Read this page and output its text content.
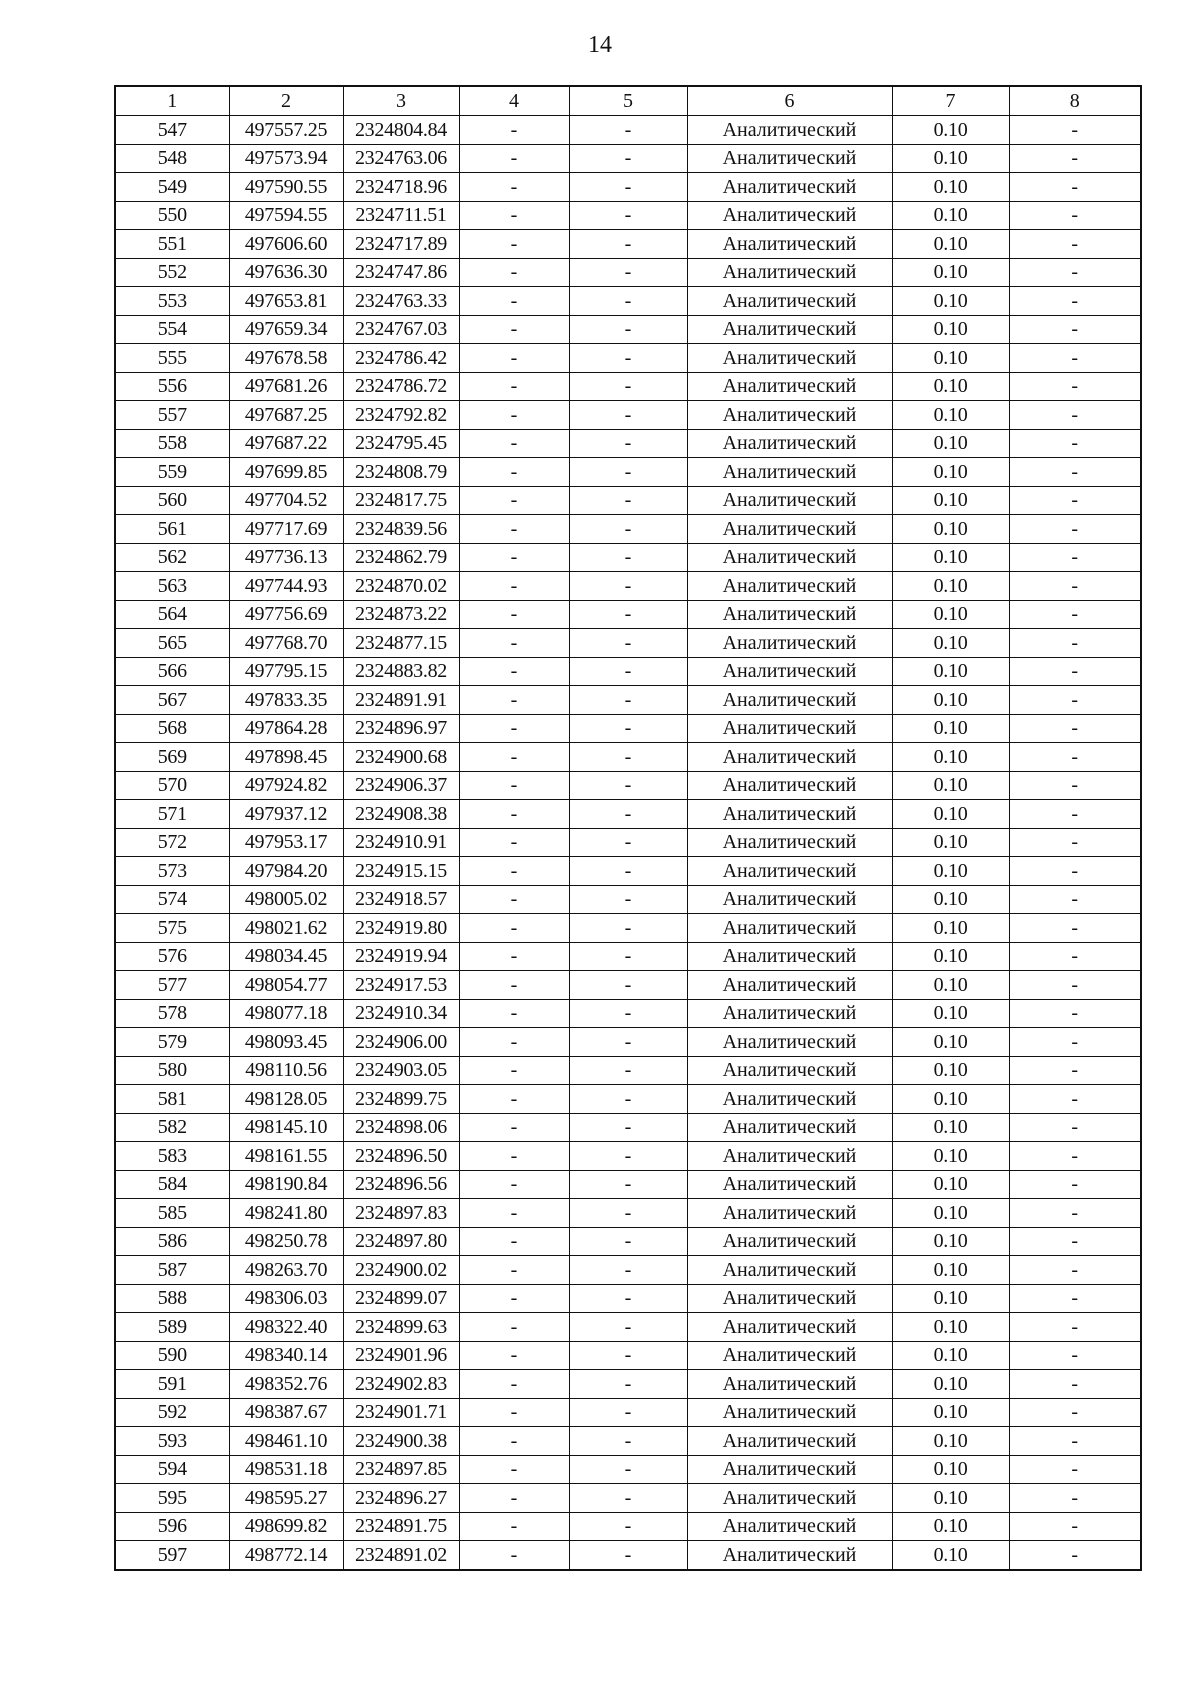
14
1	2	3	4	5	6	7	8
547	497557.25	2324804.84	-	-	Аналитический	0.10	-
548	497573.94	2324763.06	-	-	Аналитический	0.10	-
549	497590.55	2324718.96	-	-	Аналитический	0.10	-
550	497594.55	2324711.51	-	-	Аналитический	0.10	-
551	497606.60	2324717.89	-	-	Аналитический	0.10	-
552	497636.30	2324747.86	-	-	Аналитический	0.10	-
553	497653.81	2324763.33	-	-	Аналитический	0.10	-
554	497659.34	2324767.03	-	-	Аналитический	0.10	-
555	497678.58	2324786.42	-	-	Аналитический	0.10	-
556	497681.26	2324786.72	-	-	Аналитический	0.10	-
557	497687.25	2324792.82	-	-	Аналитический	0.10	-
558	497687.22	2324795.45	-	-	Аналитический	0.10	-
559	497699.85	2324808.79	-	-	Аналитический	0.10	-
560	497704.52	2324817.75	-	-	Аналитический	0.10	-
561	497717.69	2324839.56	-	-	Аналитический	0.10	-
562	497736.13	2324862.79	-	-	Аналитический	0.10	-
563	497744.93	2324870.02	-	-	Аналитический	0.10	-
564	497756.69	2324873.22	-	-	Аналитический	0.10	-
565	497768.70	2324877.15	-	-	Аналитический	0.10	-
566	497795.15	2324883.82	-	-	Аналитический	0.10	-
567	497833.35	2324891.91	-	-	Аналитический	0.10	-
568	497864.28	2324896.97	-	-	Аналитический	0.10	-
569	497898.45	2324900.68	-	-	Аналитический	0.10	-
570	497924.82	2324906.37	-	-	Аналитический	0.10	-
571	497937.12	2324908.38	-	-	Аналитический	0.10	-
572	497953.17	2324910.91	-	-	Аналитический	0.10	-
573	497984.20	2324915.15	-	-	Аналитический	0.10	-
574	498005.02	2324918.57	-	-	Аналитический	0.10	-
575	498021.62	2324919.80	-	-	Аналитический	0.10	-
576	498034.45	2324919.94	-	-	Аналитический	0.10	-
577	498054.77	2324917.53	-	-	Аналитический	0.10	-
578	498077.18	2324910.34	-	-	Аналитический	0.10	-
579	498093.45	2324906.00	-	-	Аналитический	0.10	-
580	498110.56	2324903.05	-	-	Аналитический	0.10	-
581	498128.05	2324899.75	-	-	Аналитический	0.10	-
582	498145.10	2324898.06	-	-	Аналитический	0.10	-
583	498161.55	2324896.50	-	-	Аналитический	0.10	-
584	498190.84	2324896.56	-	-	Аналитический	0.10	-
585	498241.80	2324897.83	-	-	Аналитический	0.10	-
586	498250.78	2324897.80	-	-	Аналитический	0.10	-
587	498263.70	2324900.02	-	-	Аналитический	0.10	-
588	498306.03	2324899.07	-	-	Аналитический	0.10	-
589	498322.40	2324899.63	-	-	Аналитический	0.10	-
590	498340.14	2324901.96	-	-	Аналитический	0.10	-
591	498352.76	2324902.83	-	-	Аналитический	0.10	-
592	498387.67	2324901.71	-	-	Аналитический	0.10	-
593	498461.10	2324900.38	-	-	Аналитический	0.10	-
594	498531.18	2324897.85	-	-	Аналитический	0.10	-
595	498595.27	2324896.27	-	-	Аналитический	0.10	-
596	498699.82	2324891.75	-	-	Аналитический	0.10	-
597	498772.14	2324891.02	-	-	Аналитический	0.10	-
